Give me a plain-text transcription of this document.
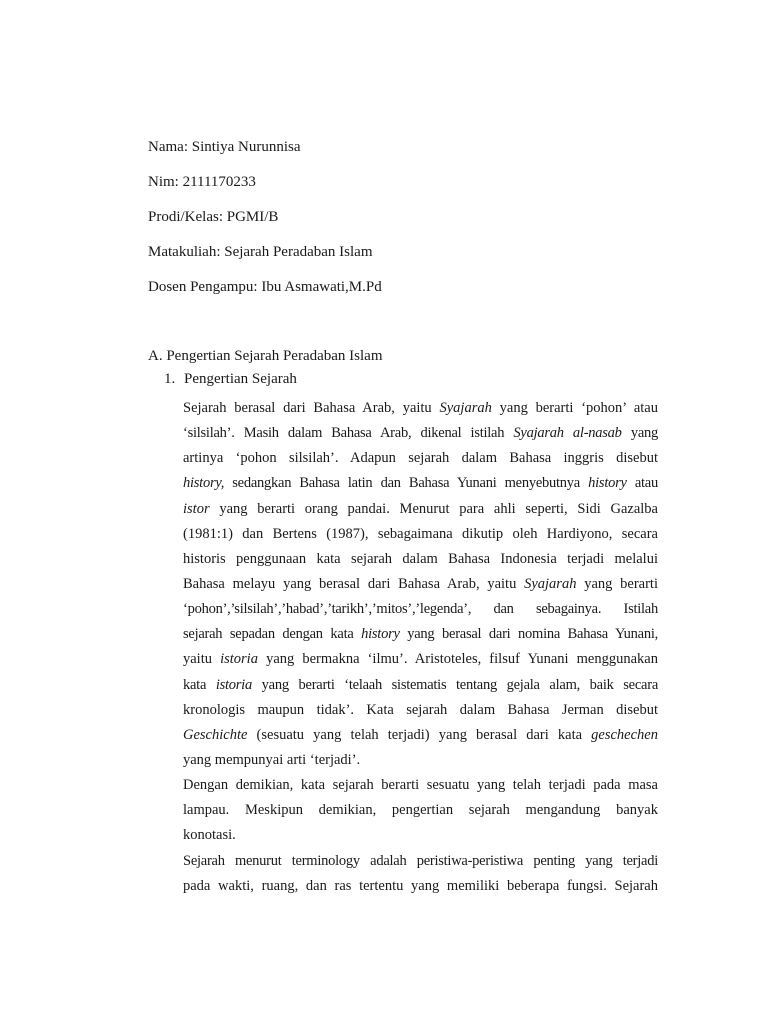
Nama: Sintiya Nurunnisa
Nim: 2111170233
Prodi/Kelas: PGMI/B
Matakuliah: Sejarah Peradaban Islam
Dosen Pengampu: Ibu Asmawati,M.Pd
A. Pengertian Sejarah Peradaban Islam
1. Pengertian Sejarah
Sejarah berasal dari Bahasa Arab, yaitu Syajarah yang berarti ‘pohon’ atau
‘silsilah’. Masih dalam Bahasa Arab, dikenal istilah Syajarah al-nasab yang
artinya ‘pohon silsilah’. Adapun sejarah dalam Bahasa inggris disebut
history, sedangkan Bahasa latin dan Bahasa Yunani menyebutnya history atau
istor yang berarti orang pandai. Menurut para ahli seperti, Sidi Gazalba
(1981:1) dan Bertens (1987), sebagaimana dikutip oleh Hardiyono, secara
historis penggunaan kata sejarah dalam Bahasa Indonesia terjadi melalui
Bahasa melayu yang berasal dari Bahasa Arab, yaitu Syajarah yang berarti
‘pohon’,’silsilah’,’habad’,’tarikh’,’mitos’,’legenda’, dan sebagainya. Istilah
sejarah sepadan dengan kata history yang berasal dari nomina Bahasa Yunani,
yaitu istoria yang bermakna ‘ilmu’. Aristoteles, filsuf Yunani menggunakan
kata istoria yang berarti ‘telaah sistematis tentang gejala alam, baik secara
kronologis maupun tidak’. Kata sejarah dalam Bahasa Jerman disebut
Geschichte (sesuatu yang telah terjadi) yang berasal dari kata geschechen
yang mempunyai arti ‘terjadi’.
Dengan demikian, kata sejarah berarti sesuatu yang telah terjadi pada masa
lampau. Meskipun demikian, pengertian sejarah mengandung banyak
konotasi.
Sejarah menurut terminology adalah peristiwa-peristiwa penting yang terjadi
pada wakti, ruang, dan ras tertentu yang memiliki beberapa fungsi. Sejarah
